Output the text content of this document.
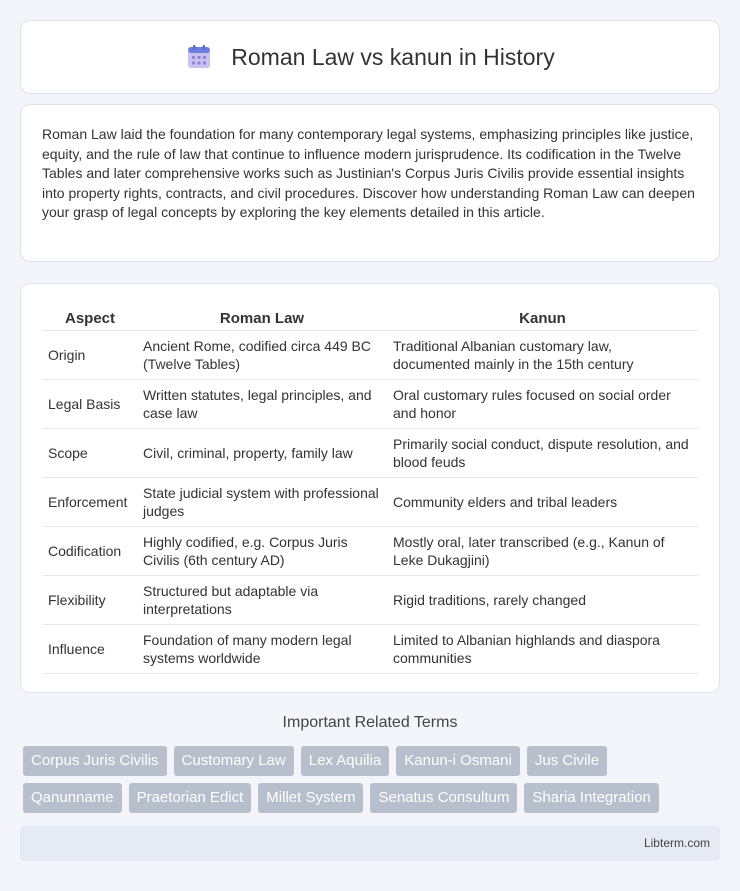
Roman Law vs kanun in History

Roman Law laid the foundation for many contemporary legal systems, emphasizing principles like justice, equity, and the rule of law that continue to influence modern jurisprudence. Its codification in the Twelve Tables and later comprehensive works such as Justinian's Corpus Juris Civilis provide essential insights into property rights, contracts, and civil procedures. Discover how understanding Roman Law can deepen your grasp of legal concepts by exploring the key elements detailed in this article.

Aspect	Roman Law	Kanun
Origin	Ancient Rome, codified circa 449 BC (Twelve Tables)	Traditional Albanian customary law, documented mainly in the 15th century
Legal Basis	Written statutes, legal principles, and case law	Oral customary rules focused on social order and honor
Scope	Civil, criminal, property, family law	Primarily social conduct, dispute resolution, and blood feuds
Enforcement	State judicial system with professional judges	Community elders and tribal leaders
Codification	Highly codified, e.g. Corpus Juris Civilis (6th century AD)	Mostly oral, later transcribed (e.g., Kanun of Leke Dukagjini)
Flexibility	Structured but adaptable via interpretations	Rigid traditions, rarely changed
Influence	Foundation of many modern legal systems worldwide	Limited to Albanian highlands and diaspora communities
Important Related Terms
Corpus Juris Civilis	Customary Law	Lex Aquilia	Kanun-i Osmani	Jus Civile
Qanunname	Praetorian Edict	Millet System	Senatus Consultum	Sharia Integration
Libterm.com
